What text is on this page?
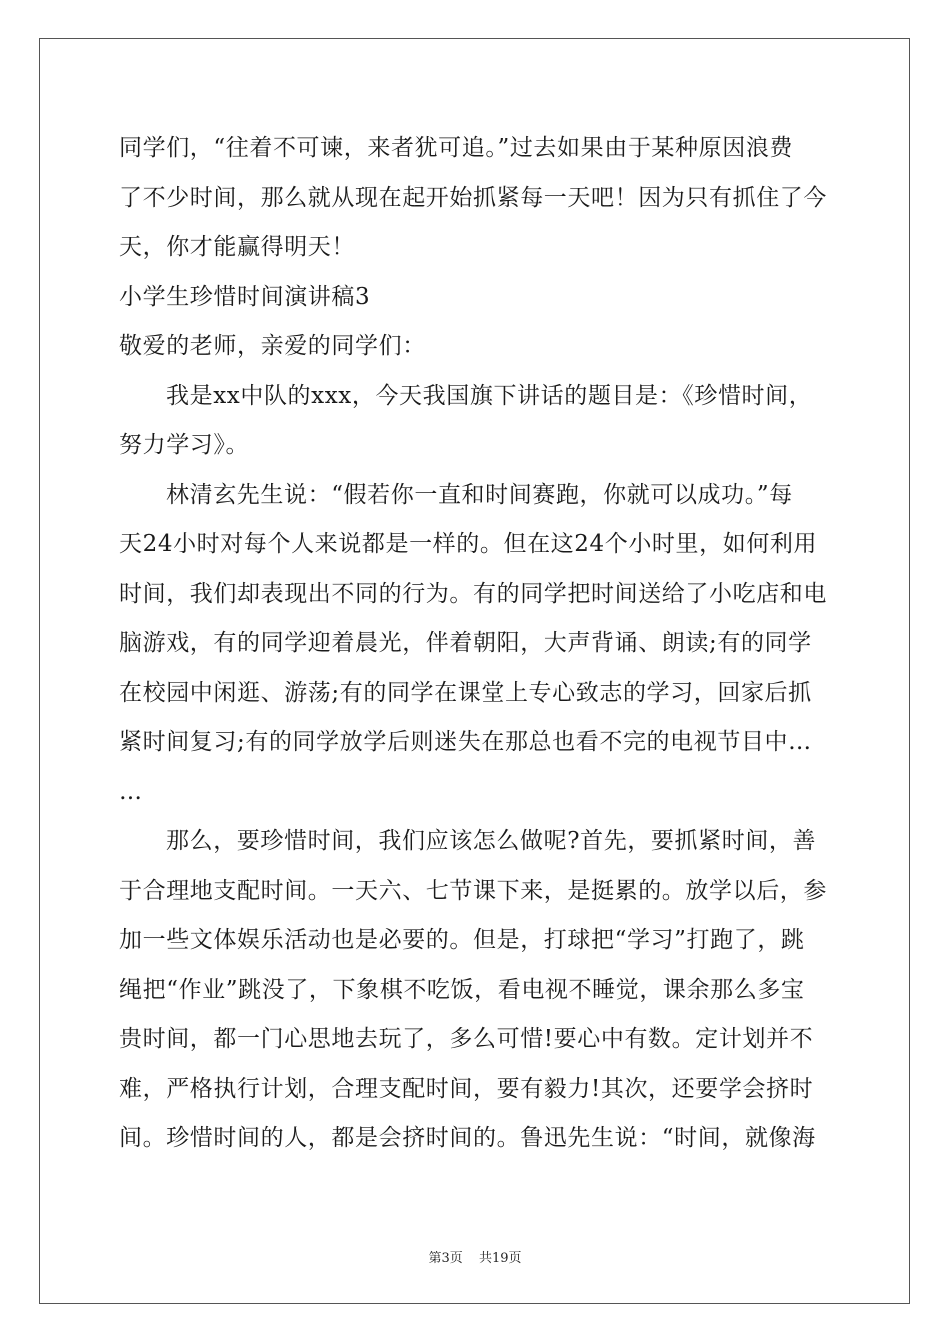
同学们，“往着不可谏，来者犹可追。”过去如果由于某种原因浪费
了不少时间，那么就从现在起开始抓紧每一天吧！因为只有抓住了今
天，你才能赢得明天！
小学生珍惜时间演讲稿3
敬爱的老师，亲爱的同学们：
我是xx中队的xxx，今天我国旗下讲话的题目是：《珍惜时间，
努力学习》。
林清玄先生说：“假若你一直和时间赛跑，你就可以成功。”每
天24小时对每个人来说都是一样的。但在这24个小时里，如何利用
时间，我们却表现出不同的行为。有的同学把时间送给了小吃店和电
脑游戏，有的同学迎着晨光，伴着朝阳，大声背诵、朗读;有的同学
在校园中闲逛、游荡;有的同学在课堂上专心致志的学习，回家后抓
紧时间复习;有的同学放学后则迷失在那总也看不完的电视节目中…
…
那么，要珍惜时间，我们应该怎么做呢?首先，要抓紧时间，善
于合理地支配时间。一天六、七节课下来，是挺累的。放学以后，参
加一些文体娱乐活动也是必要的。但是，打球把“学习”打跑了，跳
绳把“作业”跳没了，下象棋不吃饭，看电视不睡觉，课余那么多宝
贵时间，都一门心思地去玩了，多么可惜!要心中有数。定计划并不
难，严格执行计划，合理支配时间，要有毅力!其次，还要学会挤时
间。珍惜时间的人，都是会挤时间的。鲁迅先生说：“时间，就像海
第3页 共19页
